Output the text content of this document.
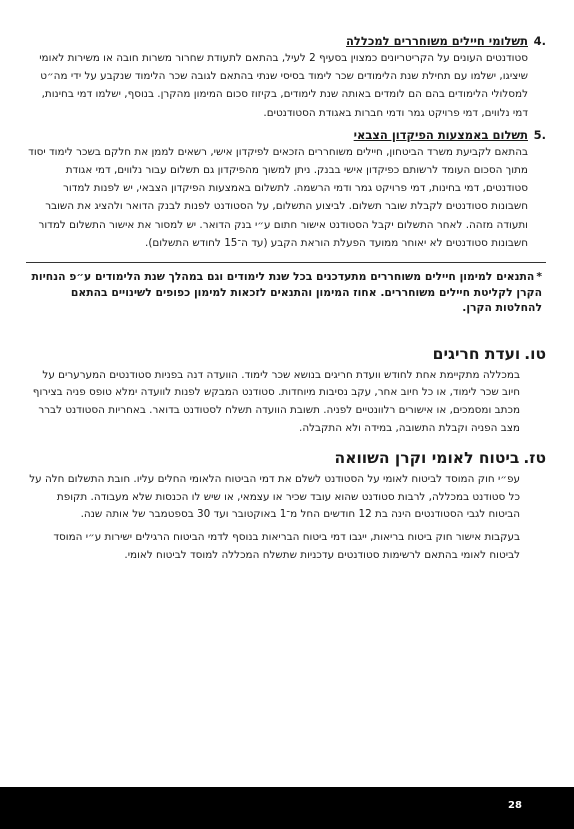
.4
תשלומי חיילים משוחררים למכללה

סטודנטים העונים על הקריטריונים כמצוין בסעיף 2 לעיל, בהתאם לתעודת שחרור משרות חובה או משירות לאומי שיציגו, ישלמו עם תחילת שנת הלימודים שכר לימוד בסיסי שנתי בהתאם לגובה שכר הלימוד שנקבע על ידי מה״ט למסלולי הלימודים בהם הם לומדים באותה שנת לימודים, בקיזוז סכום המימון מהקרן. בנוסף, ישלמו דמי בחינות, דמי נלווים, דמי פרויקט גמר ודמי חברות באגודת הסטודנטים.

.5
תשלום באמצעות הפיקדון הצבאי

בהתאם לקביעת משרד הביטחון, חיילים משוחררים הזכאים לפיקדון אישי, רשאים לממן את חלקם בשכר לימוד יסוד מתוך הסכום העומד לרשותם כפיקדון אישי בבנק. ניתן למשוך מהפיקדון גם תשלום עבור נלווים, דמי אגודת סטודנטים, דמי בחינות, דמי פרויקט גמר ודמי הרשמה. לתשלום באמצעות הפיקדון הצבאי, יש לפנות למדור חשבונות סטודנטים לקבלת שובר תשלום. לביצוע התשלום, על הסטודנט לפנות לבנק הדואר ולהציג את השובר ותעודה מזהה. לאחר התשלום יקבל הסטודנט אישור חתום ע״י בנק הדואר. יש למסור את אישור התשלום למדור חשבונות סטודנטים לא יאוחר ממועד הפעלת הוראת הקבע (עד ה־15 לחודש התשלום).

*התנאים למימון חיילים משוחררים מתעדכנים בכל שנת לימודים וגם במהלך שנת הלימודים ע״פ הנחיות הקרן לקליטת חיילים משוחררים. אחוז המימון והתנאים לזכאות למימון כפופים לשינויים בהתאם להחלטות הקרן.
טו.ועדת חריגים

במכללה מתקיימת אחת לחודש וועדת חריגים בנושא שכר לימוד. הוועדה דנה בפניות סטודנטים המערערים על חיוב שכר לימוד, או כל חיוב אחר, עקב נסיבות מיוחדות. סטודנט המבקש לפנות לוועדה ימלא טופס פניה בצירוף מכתב ומסמכים, או אישורים רלוונטיים לפניה. תשובת הוועדה תשלח לסטודנט בדואר. באחריות הסטודנט לברר מצב הפניה וקבלת התשובה, במידה ולא התקבלה.

טז.ביטוח לאומי וקרן השוואה

עפ״י חוק המוסד לביטוח לאומי על הסטודנט לשלם את דמי הביטוח הלאומי החלים עליו. חובת התשלום חלה על כל סטודנט במכללה, לרבות סטודנט שהוא עובד שכיר או עצמאי, או שיש לו הכנסות שלא מעבודה. תקופת הביטוח לגבי הסטודנטים הינה בת 12 חודשים החל מ־1 באוקטובר ועד 30 בספטמבר של אותה שנה.

בעקבות אישור חוק ביטוח בריאות, ייגבו דמי ביטוח הבריאות בנוסף לדמי הביטוח הרגילים ישירות ע״י המוסד לביטוח לאומי בהתאם לרשימות סטודנטים עדכניות שתשלח המכללה למוסד לביטוח לאומי.

28
